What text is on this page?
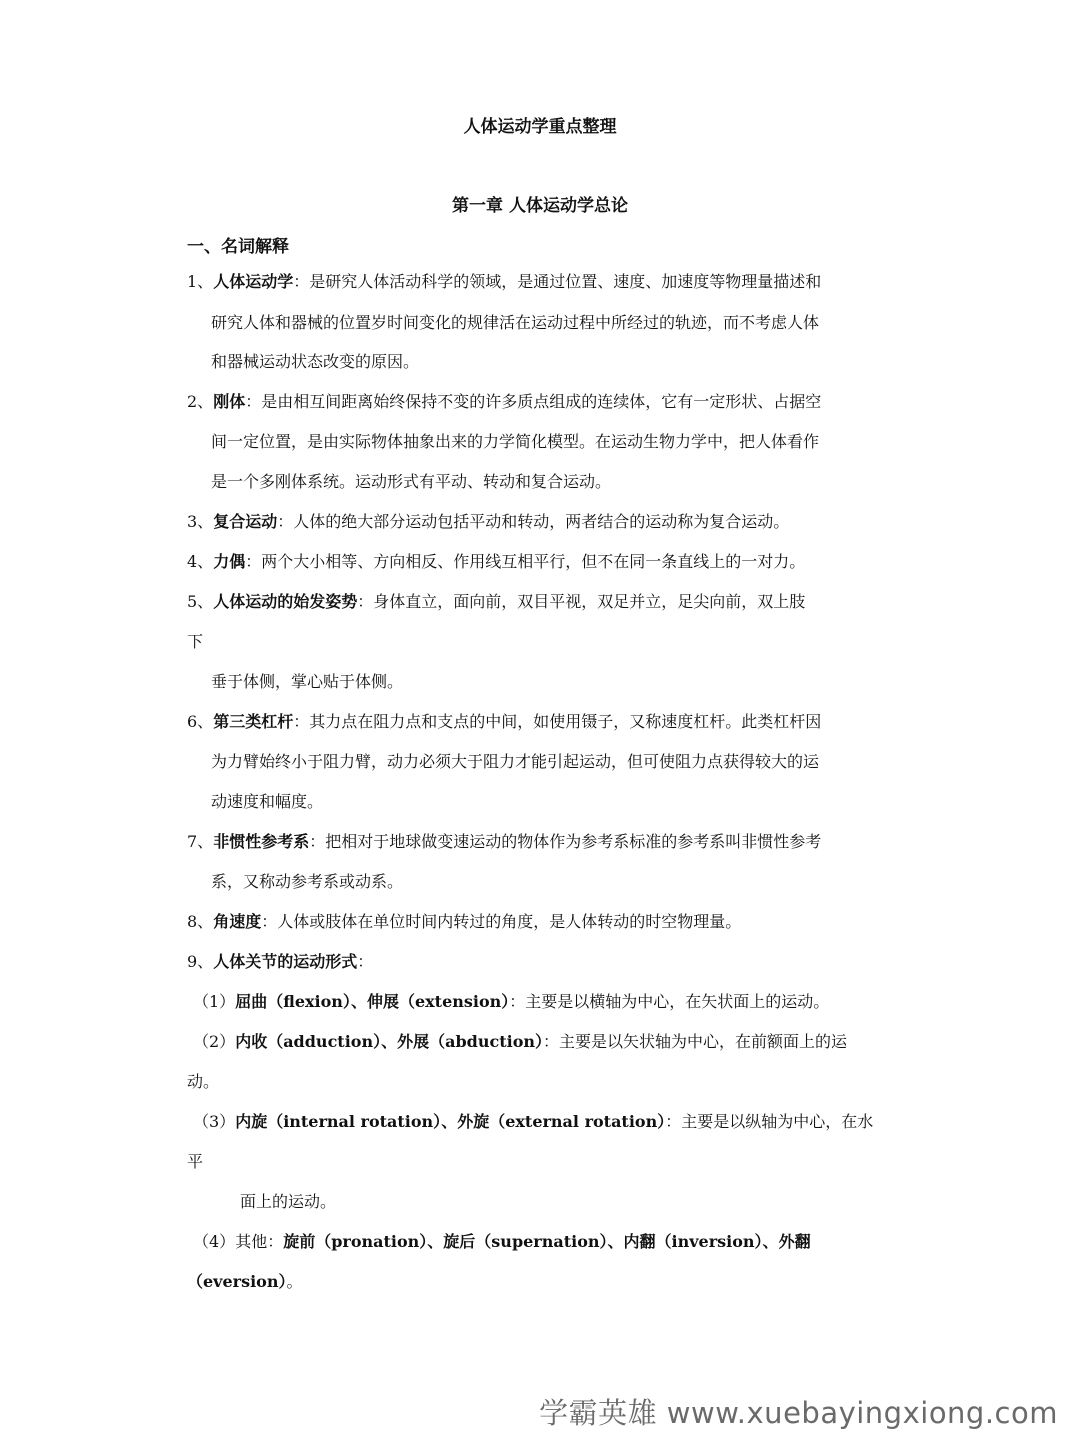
人体运动学重点整理
第一章 人体运动学总论
一、名词解释
1、人体运动学：是研究人体活动科学的领域，是通过位置、速度、加速度等物理量描述和
研究人体和器械的位置岁时间变化的规律活在运动过程中所经过的轨迹，而不考虑人体
和器械运动状态改变的原因。
2、刚体：是由相互间距离始终保持不变的许多质点组成的连续体，它有一定形状、占据空
间一定位置，是由实际物体抽象出来的力学简化模型。在运动生物力学中，把人体看作
是一个多刚体系统。运动形式有平动、转动和复合运动。
3、复合运动：人体的绝大部分运动包括平动和转动，两者结合的运动称为复合运动。
4、力偶：两个大小相等、方向相反、作用线互相平行，但不在同一条直线上的一对力。
5、人体运动的始发姿势：身体直立，面向前，双目平视，双足并立，足尖向前，双上肢
下
垂于体侧，掌心贴于体侧。
6、第三类杠杆：其力点在阻力点和支点的中间，如使用镊子，又称速度杠杆。此类杠杆因
为力臂始终小于阻力臂，动力必须大于阻力才能引起运动，但可使阻力点获得较大的运
动速度和幅度。
7、非惯性参考系：把相对于地球做变速运动的物体作为参考系标准的参考系叫非惯性参考
系，又称动参考系或动系。
8、角速度：人体或肢体在单位时间内转过的角度，是人体转动的时空物理量。
9、人体关节的运动形式：
（1）屈曲（flexion）、伸展（extension）：主要是以横轴为中心，在矢状面上的运动。
（2）内收（adduction）、外展（abduction）：主要是以矢状轴为中心，在前额面上的运
动。
（3）内旋（internal rotation）、外旋（external rotation）：主要是以纵轴为中心，在水
平
面上的运动。
（4）其他：旋前（pronation）、旋后（supernation）、内翻（inversion）、外翻
（eversion）。
学霸英雄 www.xuebayingxiong.com
